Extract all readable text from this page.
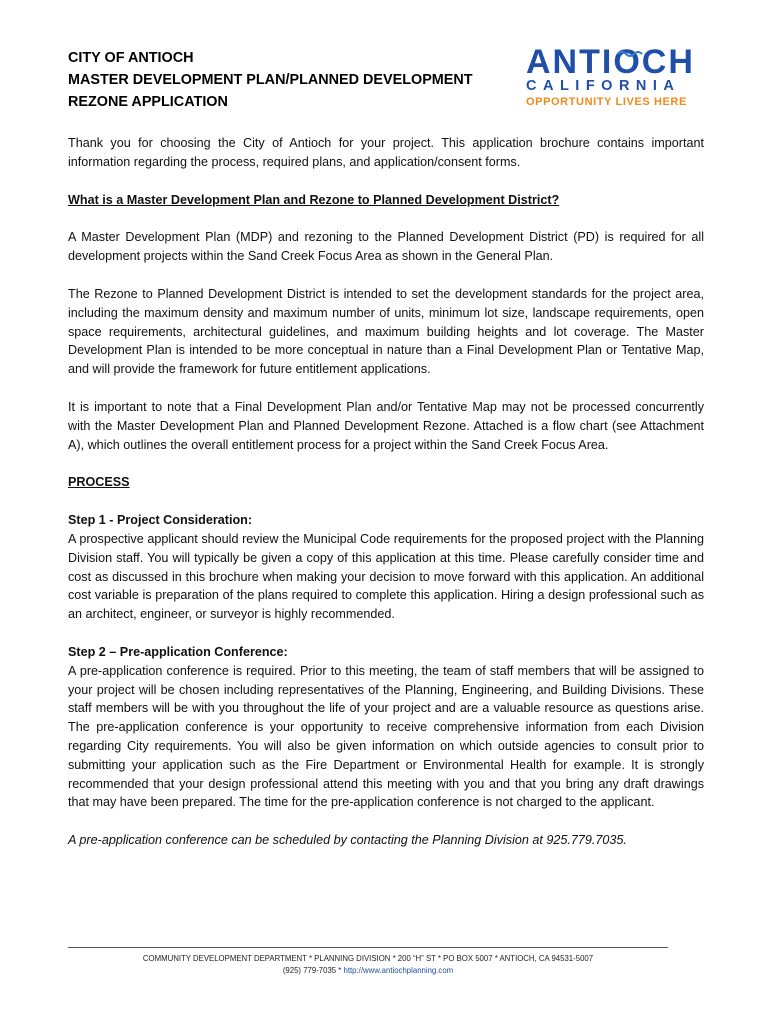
CITY OF ANTIOCH
MASTER DEVELOPMENT PLAN/PLANNED DEVELOPMENT
REZONE APPLICATION
ANTIOCH
CALIFORNIA
OPPORTUNITY LIVES HERE

Thank you for choosing the City of Antioch for your project. This application brochure contains important information regarding the process, required plans, and application/consent forms.

What is a Master Development Plan and Rezone to Planned Development District?

A Master Development Plan (MDP) and rezoning to the Planned Development District (PD) is required for all development projects within the Sand Creek Focus Area as shown in the General Plan.

The Rezone to Planned Development District is intended to set the development standards for the project area, including the maximum density and maximum number of units, minimum lot size, landscape requirements, open space requirements, architectural guidelines, and maximum building heights and lot coverage. The Master Development Plan is intended to be more conceptual in nature than a Final Development Plan or Tentative Map, and will provide the framework for future entitlement applications.

It is important to note that a Final Development Plan and/or Tentative Map may not be processed concurrently with the Master Development Plan and Planned Development Rezone. Attached is a flow chart (see Attachment A), which outlines the overall entitlement process for a project within the Sand Creek Focus Area.

PROCESS

Step 1 - Project Consideration:

A prospective applicant should review the Municipal Code requirements for the proposed project with the Planning Division staff. You will typically be given a copy of this application at this time. Please carefully consider time and cost as discussed in this brochure when making your decision to move forward with this application. An additional cost variable is preparation of the plans required to complete this application. Hiring a design professional such as an architect, engineer, or surveyor is highly recommended.

Step 2 – Pre-application Conference:

A pre-application conference is required. Prior to this meeting, the team of staff members that will be assigned to your project will be chosen including representatives of the Planning, Engineering, and Building Divisions. These staff members will be with you throughout the life of your project and are a valuable resource as questions arise. The pre-application conference is your opportunity to receive comprehensive information from each Division regarding City requirements. You will also be given information on which outside agencies to consult prior to submitting your application such as the Fire Department or Environmental Health for example. It is strongly recommended that your design professional attend this meeting with you and that you bring any draft drawings that may have been prepared. The time for the pre-application conference is not charged to the applicant.

A pre-application conference can be scheduled by contacting the Planning Division at 925.779.7035.

COMMUNITY DEVELOPMENT DEPARTMENT * PLANNING DIVISION * 200 “H” ST * PO BOX 5007 * ANTIOCH, CA 94531-5007
(925) 779-7035 * http://www.antiochplanning.com
